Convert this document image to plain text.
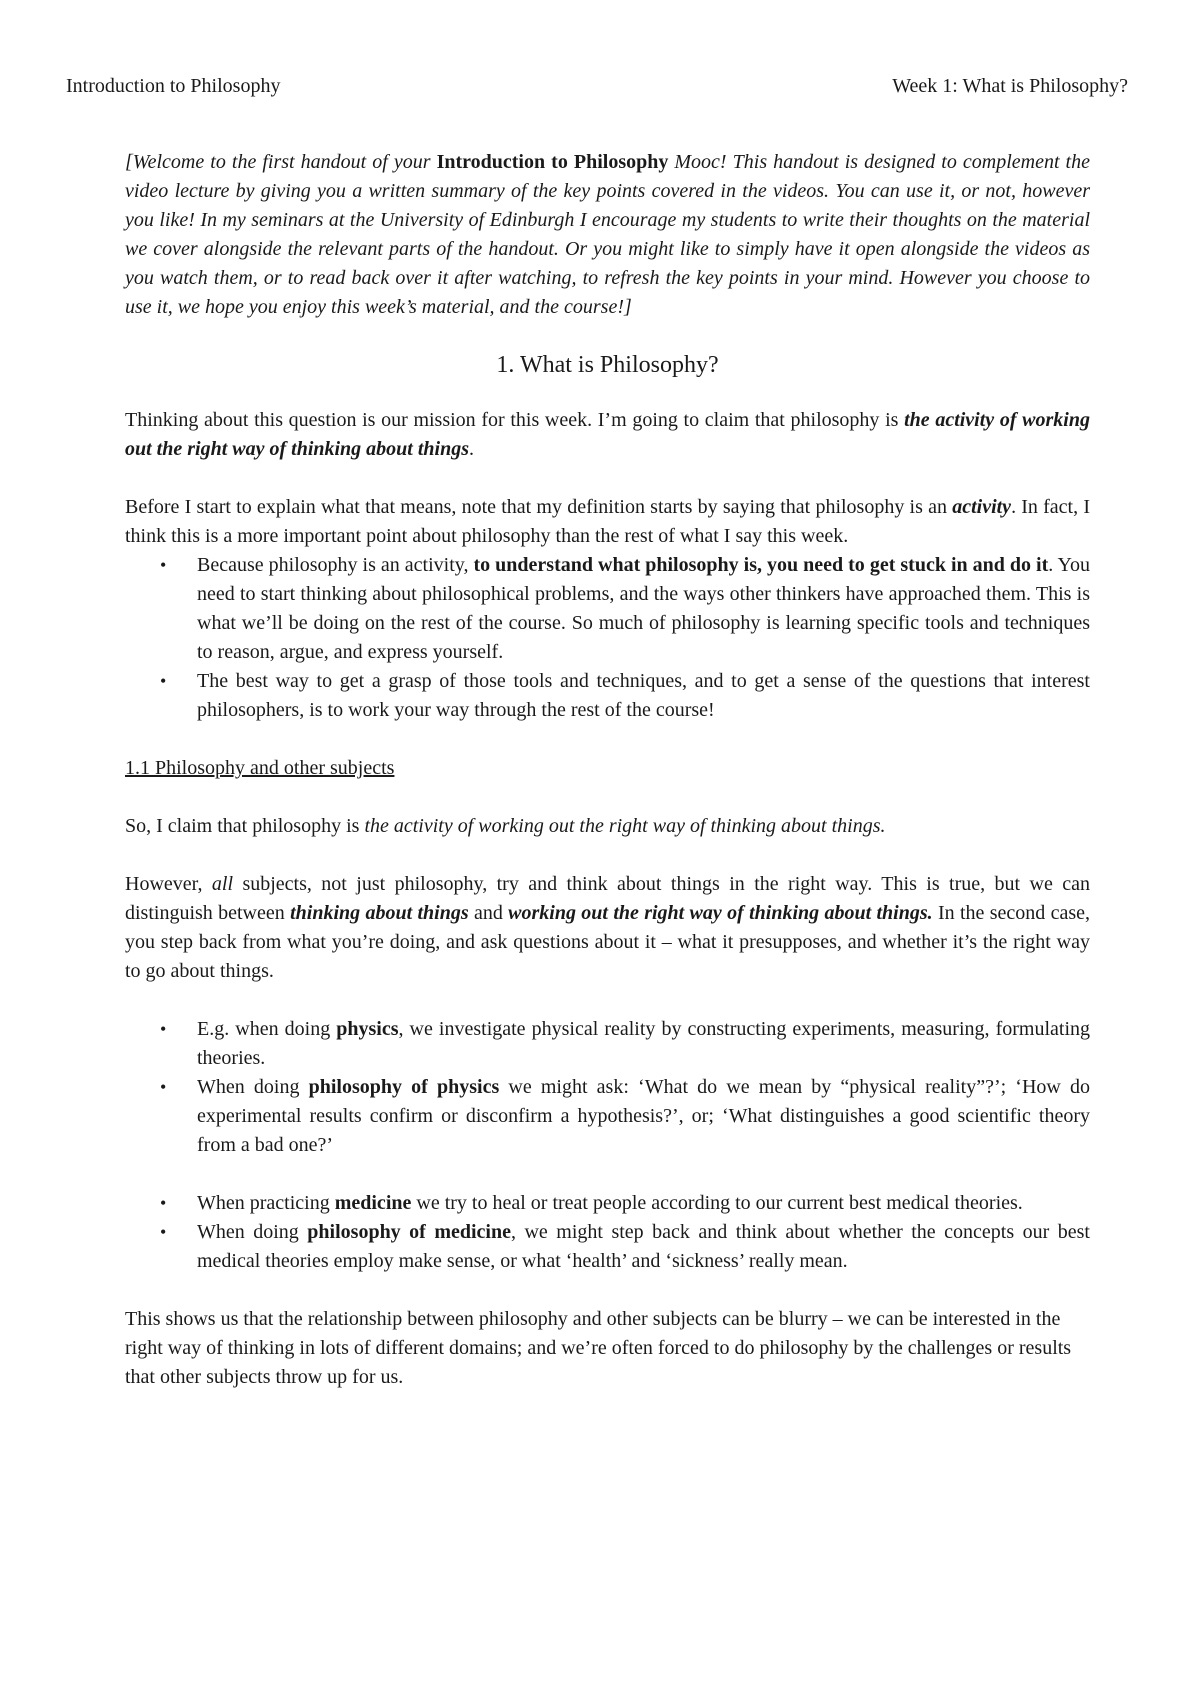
Introduction to Philosophy	Week 1: What is Philosophy?

[Welcome to the first handout of your Introduction to Philosophy Mooc! This handout is designed to complement the video lecture by giving you a written summary of the key points covered in the videos. You can use it, or not, however you like! In my seminars at the University of Edinburgh I encourage my students to write their thoughts on the material we cover alongside the relevant parts of the handout. Or you might like to simply have it open alongside the videos as you watch them, or to read back over it after watching, to refresh the key points in your mind. However you choose to use it, we hope you enjoy this week’s material, and the course!]

1. What is Philosophy?

Thinking about this question is our mission for this week. I’m going to claim that philosophy is the activity of working out the right way of thinking about things.

Before I start to explain what that means, note that my definition starts by saying that philosophy is an activity. In fact, I think this is a more important point about philosophy than the rest of what I say this week.

• Because philosophy is an activity, to understand what philosophy is, you need to get stuck in and do it. You need to start thinking about philosophical problems, and the ways other thinkers have approached them. This is what we’ll be doing on the rest of the course. So much of philosophy is learning specific tools and techniques to reason, argue, and express yourself.
• The best way to get a grasp of those tools and techniques, and to get a sense of the questions that interest philosophers, is to work your way through the rest of the course!

1.1 Philosophy and other subjects

So, I claim that philosophy is the activity of working out the right way of thinking about things.

However, all subjects, not just philosophy, try and think about things in the right way. This is true, but we can distinguish between thinking about things and working out the right way of thinking about things. In the second case, you step back from what you’re doing, and ask questions about it – what it presupposes, and whether it’s the right way to go about things.

• E.g. when doing physics, we investigate physical reality by constructing experiments, measuring, formulating theories.
• When doing philosophy of physics we might ask: ‘What do we mean by “physical reality”?’; ‘How do experimental results confirm or disconfirm a hypothesis?’, or; ‘What distinguishes a good scientific theory from a bad one?’
• When practicing medicine we try to heal or treat people according to our current best medical theories.
• When doing philosophy of medicine, we might step back and think about whether the concepts our best medical theories employ make sense, or what ‘health’ and ‘sickness’ really mean.

This shows us that the relationship between philosophy and other subjects can be blurry – we can be interested in the right way of thinking in lots of different domains; and we’re often forced to do philosophy by the challenges or results that other subjects throw up for us.
